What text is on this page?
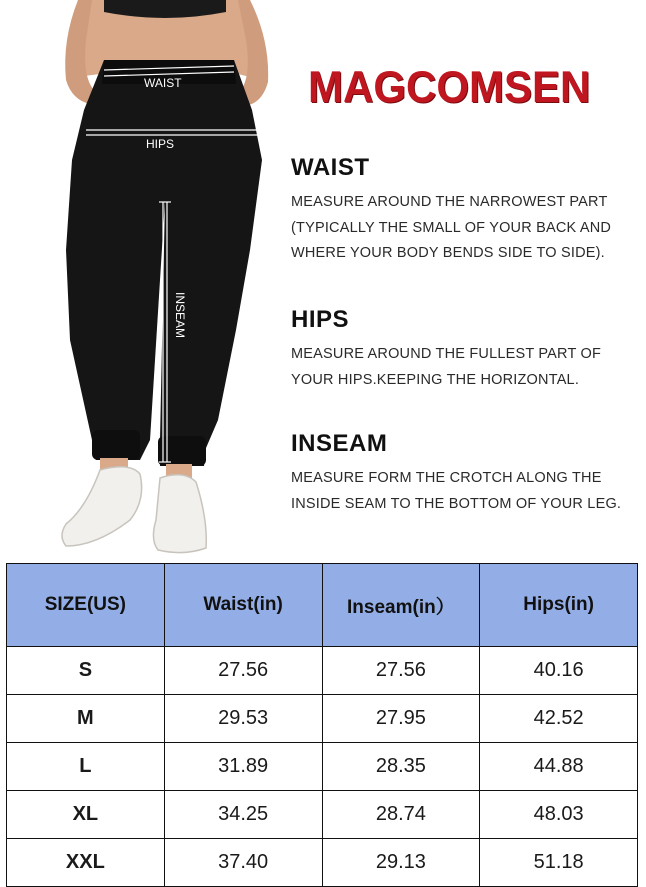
WAIST
HIPS
INSEAM
MAGCOMSEN
WAIST

MEASURE AROUND THE NARROWEST PART
(TYPICALLY THE SMALL OF YOUR BACK AND
WHERE YOUR BODY BENDS SIDE TO SIDE).

HIPS

MEASURE AROUND THE FULLEST PART OF
YOUR HIPS.KEEPING THE HORIZONTAL.

INSEAM

MEASURE FORM THE CROTCH ALONG THE
INSIDE SEAM TO THE BOTTOM OF YOUR LEG.

SIZE(US)	Waist(in)	Inseam(in）	Hips(in)
S	27.56	27.56	40.16
M	29.53	27.95	42.52
L	31.89	28.35	44.88
XL	34.25	28.74	48.03
XXL	37.40	29.13	51.18
